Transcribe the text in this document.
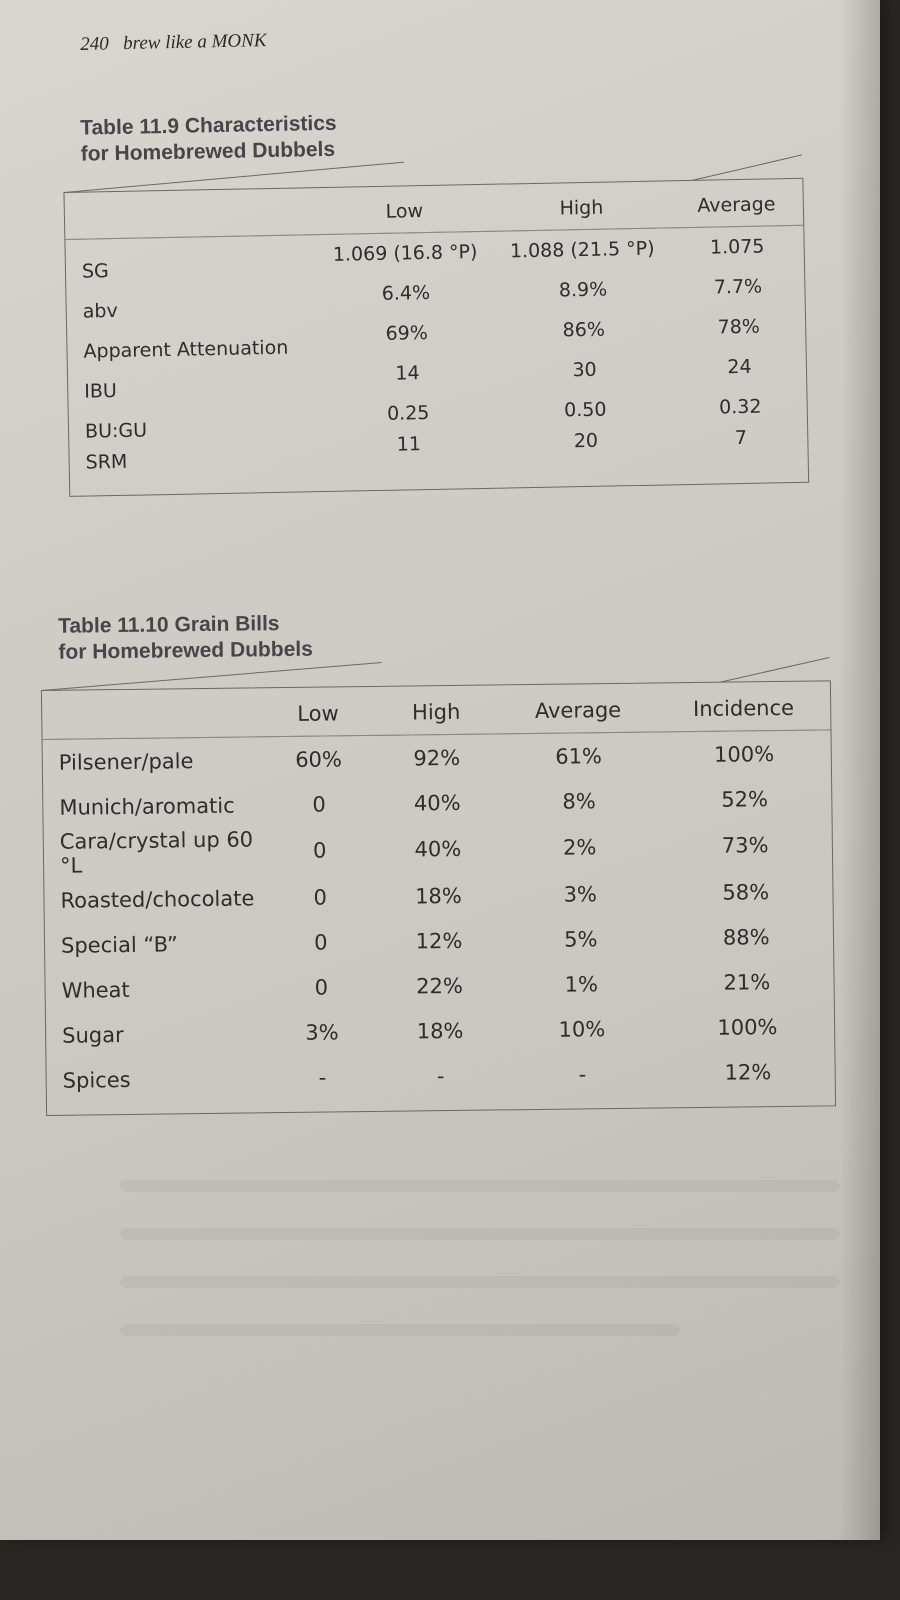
240 brew like a MONK
Table 11.9 Characteristics
for Homebrewed Dubbels
	Low	High	Average
SG	1.069 (16.8 °P)	1.088 (21.5 °P)	1.075
abv	6.4%	8.9%	7.7%
Apparent Attenuation	69%	86%	78%
IBU	14	30	24
BU:GU	0.25	0.50	0.32
SRM	11	20	7
Table 11.10 Grain Bills
for Homebrewed Dubbels
	Low	High	Average	Incidence
Pilsener/pale	60%	92%	61%	100%
Munich/aromatic	0	40%	8%	52%
Cara/crystal up 60 °L	0	40%	2%	73%
Roasted/chocolate	0	18%	3%	58%
Special “B”	0	12%	5%	88%
Wheat	0	22%	1%	21%
Sugar	3%	18%	10%	100%
Spices	-	-	-	12%
